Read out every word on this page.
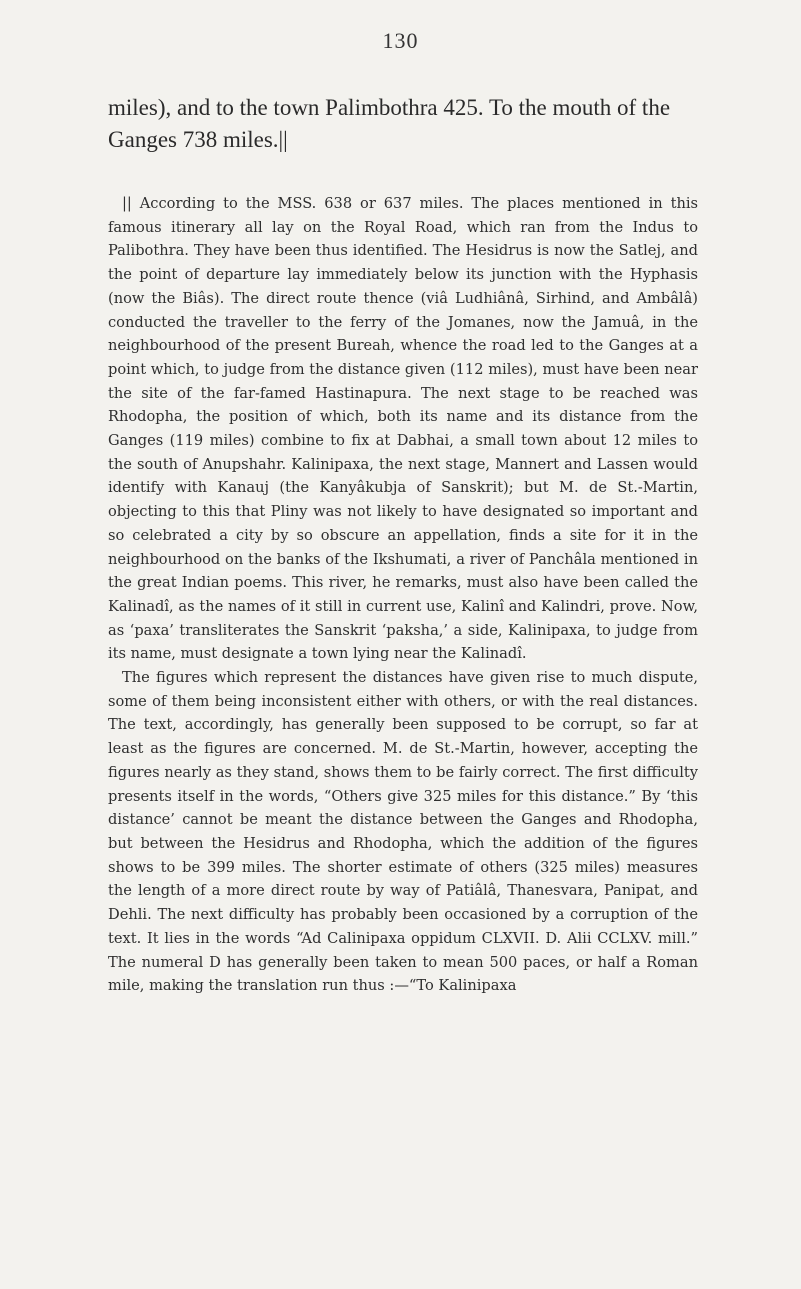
130

miles), and to the town Palimbothra 425. To the mouth of the Ganges 738 miles.||

|| According to the MSS. 638 or 637 miles. The places mentioned in this famous itinerary all lay on the Royal Road, which ran from the Indus to Palibothra. They have been thus identified. The Hesidrus is now the Satlej, and the point of departure lay immediately below its junction with the Hyphasis (now the Biâs). The direct route thence (viâ Ludhiânâ, Sirhind, and Ambâlâ) conducted the traveller to the ferry of the Jomanes, now the Jamuâ, in the neighbourhood of the present Bureah, whence the road led to the Ganges at a point which, to judge from the distance given (112 miles), must have been near the site of the far-famed Hastinapura. The next stage to be reached was Rhodopha, the position of which, both its name and its distance from the Ganges (119 miles) combine to fix at Dabhai, a small town about 12 miles to the south of Anupshahr. Kalinipaxa, the next stage, Mannert and Lassen would identify with Kanauj (the Kanyâkubja of Sanskrit); but M. de St.-Martin, objecting to this that Pliny was not likely to have designated so important and so celebrated a city by so obscure an appellation, finds a site for it in the neighbourhood on the banks of the Ikshumati, a river of Panchâla mentioned in the great Indian poems. This river, he remarks, must also have been called the Kalinadî, as the names of it still in current use, Kalinî and Kalindri, prove. Now, as ‘paxa’ transliterates the Sanskrit ‘paksha,’ a side, Kalinipaxa, to judge from its name, must designate a town lying near the Kalinadî.

The figures which represent the distances have given rise to much dispute, some of them being inconsistent either with others, or with the real distances. The text, accordingly, has generally been supposed to be corrupt, so far at least as the figures are concerned. M. de St.-Martin, however, accepting the figures nearly as they stand, shows them to be fairly correct. The first difficulty presents itself in the words, “Others give 325 miles for this distance.” By ‘this distance’ cannot be meant the distance between the Ganges and Rhodopha, but between the Hesidrus and Rhodopha, which the addition of the figures shows to be 399 miles. The shorter estimate of others (325 miles) measures the length of a more direct route by way of Patiâlâ, Thanesvara, Panipat, and Dehli. The next difficulty has probably been occasioned by a corruption of the text. It lies in the words “Ad Calinipaxa oppidum CLXVII. D. Alii CCLXV. mill.” The numeral D has generally been taken to mean 500 paces, or half a Roman mile, making the translation run thus :—“To Kalinipaxa
